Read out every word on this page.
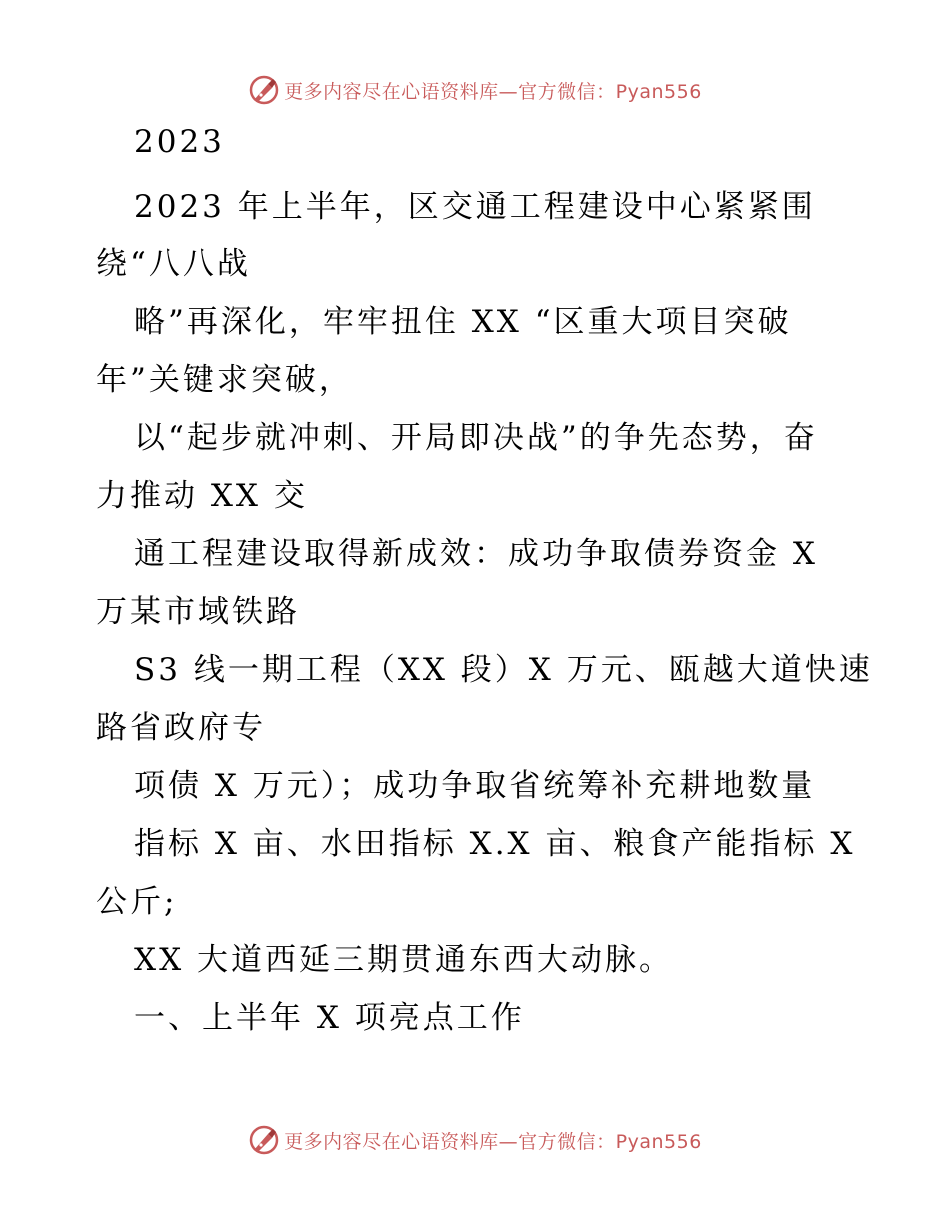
更多内容尽在心语资料库—官方微信：Pyan556
2023
2023 年上半年，区交通工程建设中心紧紧围
绕“八八战
略”再深化，牢牢扭住 XX “区重大项目突破
年”关键求突破，
以“起步就冲刺、开局即决战”的争先态势，奋
力推动 XX 交
通工程建设取得新成效：成功争取债券资金 X
万某市域铁路
S3 线一期工程（XX 段）X 万元、瓯越大道快速
路省政府专
项债 X 万元）；成功争取省统筹补充耕地数量
指标 X 亩、水田指标 X.X 亩、粮食产能指标 X
公斤;
XX 大道西延三期贯通东西大动脉。
一、上半年 X 项亮点工作
更多内容尽在心语资料库—官方微信：Pyan556
